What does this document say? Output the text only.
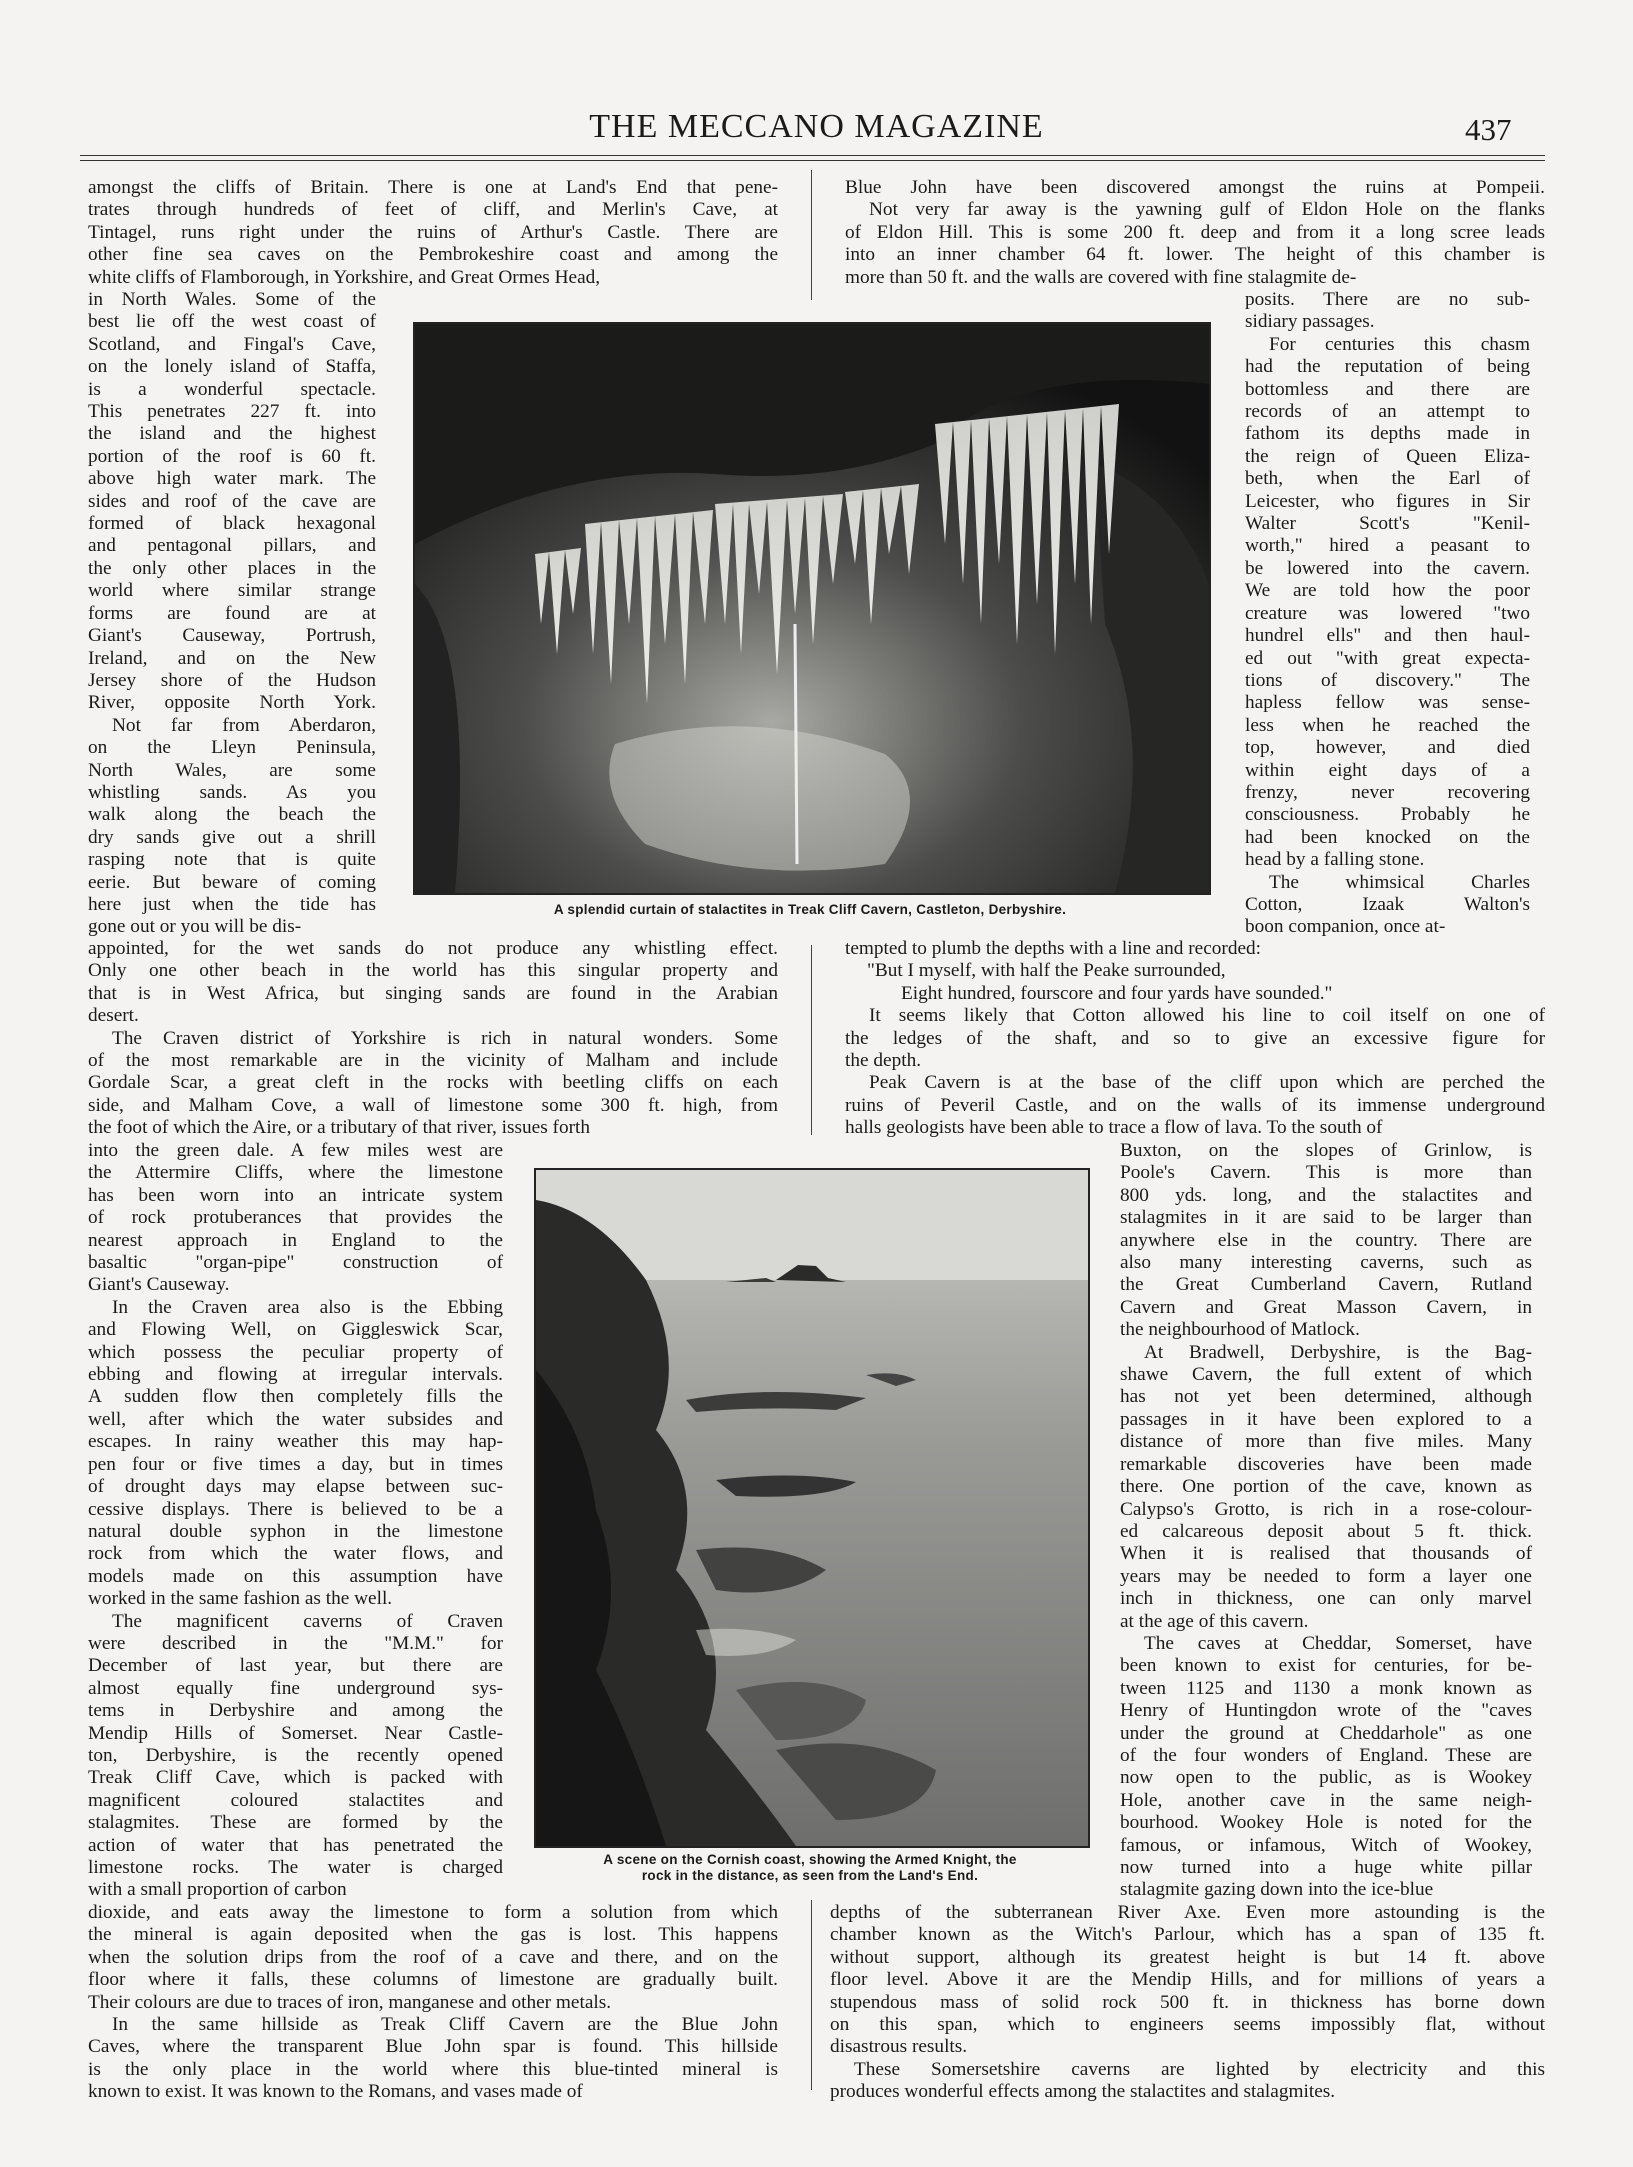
THE MECCANO MAGAZINE	437
amongst the cliffs of Britain. There is one at Land's End that pene-
trates through hundreds of feet of cliff, and Merlin's Cave, at
Tintagel, runs right under the ruins of Arthur's Castle. There are
other fine sea caves on the Pembrokeshire coast and among the
white cliffs of Flamborough, in Yorkshire, and Great Ormes Head,
in North Wales. Some of the
best lie off the west coast of
Scotland, and Fingal's Cave,
on the lonely island of Staffa,
is a wonderful spectacle.
This penetrates 227 ft. into
the island and the highest
portion of the roof is 60 ft.
above high water mark. The
sides and roof of the cave are
formed of black hexagonal
and pentagonal pillars, and
the only other places in the
world where similar strange
forms are found are at
Giant's Causeway, Portrush,
Ireland, and on the New
Jersey shore of the Hudson
River, opposite North York.
Not far from Aberdaron,
on the Lleyn Peninsula,
North Wales, are some
whistling sands. As you
walk along the beach the
dry sands give out a shrill
rasping note that is quite
eerie. But beware of coming
here just when the tide has
gone out or you will be dis-
appointed, for the wet sands do not produce any whistling effect.
Only one other beach in the world has this singular property and
that is in West Africa, but singing sands are found in the Arabian
desert.
The Craven district of Yorkshire is rich in natural wonders. Some
of the most remarkable are in the vicinity of Malham and include
Gordale Scar, a great cleft in the rocks with beetling cliffs on each
side, and Malham Cove, a wall of limestone some 300 ft. high, from
the foot of which the Aire, or a tributary of that river, issues forth
into the green dale. A few miles west are
the Attermire Cliffs, where the limestone
has been worn into an intricate system
of rock protuberances that provides the
nearest approach in England to the
basaltic "organ-pipe" construction of
Giant's Causeway.
In the Craven area also is the Ebbing
and Flowing Well, on Giggleswick Scar,
which possess the peculiar property of
ebbing and flowing at irregular intervals.
A sudden flow then completely fills the
well, after which the water subsides and
escapes. In rainy weather this may hap-
pen four or five times a day, but in times
of drought days may elapse between suc-
cessive displays. There is believed to be a
natural double syphon in the limestone
rock from which the water flows, and
models made on this assumption have
worked in the same fashion as the well.
The magnificent caverns of Craven
were described in the "M.M." for
December of last year, but there are
almost equally fine underground sys-
tems in Derbyshire and among the
Mendip Hills of Somerset. Near Castle-
ton, Derbyshire, is the recently opened
Treak Cliff Cave, which is packed with
magnificent coloured stalactites and
stalagmites. These are formed by the
action of water that has penetrated the
limestone rocks. The water is charged
with a small proportion of carbon
dioxide, and eats away the limestone to form a solution from which
the mineral is again deposited when the gas is lost. This happens
when the solution drips from the roof of a cave and there, and on the
floor where it falls, these columns of limestone are gradually built.
Their colours are due to traces of iron, manganese and other metals.
In the same hillside as Treak Cliff Cavern are the Blue John
Caves, where the transparent Blue John spar is found. This hillside
is the only place in the world where this blue-tinted mineral is
known to exist. It was known to the Romans, and vases made of
Blue John have been discovered amongst the ruins at Pompeii.
Not very far away is the yawning gulf of Eldon Hole on the flanks
of Eldon Hill. This is some 200 ft. deep and from it a long scree leads
into an inner chamber 64 ft. lower. The height of this chamber is
more than 50 ft. and the walls are covered with fine stalagmite de-
posits. There are no sub-
sidiary passages.
For centuries this chasm
had the reputation of being
bottomless and there are
records of an attempt to
fathom its depths made in
the reign of Queen Eliza-
beth, when the Earl of
Leicester, who figures in Sir
Walter Scott's "Kenil-
worth," hired a peasant to
be lowered into the cavern.
We are told how the poor
creature was lowered "two
hundrel ells" and then haul-
ed out "with great expecta-
tions of discovery." The
hapless fellow was sense-
less when he reached the
top, however, and died
within eight days of a
frenzy, never recovering
consciousness. Probably he
had been knocked on the
head by a falling stone.
The whimsical Charles
Cotton, Izaak Walton's
boon companion, once at-
tempted to plumb the depths with a line and recorded:
"But I myself, with half the Peake surrounded,
Eight hundred, fourscore and four yards have sounded."
It seems likely that Cotton allowed his line to coil itself on one of
the ledges of the shaft, and so to give an excessive figure for
the depth.
Peak Cavern is at the base of the cliff upon which are perched the
ruins of Peveril Castle, and on the walls of its immense underground
halls geologists have been able to trace a flow of lava. To the south of
Buxton, on the slopes of Grinlow, is
Poole's Cavern. This is more than
800 yds. long, and the stalactites and
stalagmites in it are said to be larger than
anywhere else in the country. There are
also many interesting caverns, such as
the Great Cumberland Cavern, Rutland
Cavern and Great Masson Cavern, in
the neighbourhood of Matlock.
At Bradwell, Derbyshire, is the Bag-
shawe Cavern, the full extent of which
has not yet been determined, although
passages in it have been explored to a
distance of more than five miles. Many
remarkable discoveries have been made
there. One portion of the cave, known as
Calypso's Grotto, is rich in a rose-colour-
ed calcareous deposit about 5 ft. thick.
When it is realised that thousands of
years may be needed to form a layer one
inch in thickness, one can only marvel
at the age of this cavern.
The caves at Cheddar, Somerset, have
been known to exist for centuries, for be-
tween 1125 and 1130 a monk known as
Henry of Huntingdon wrote of the "caves
under the ground at Cheddarhole" as one
of the four wonders of England. These are
now open to the public, as is Wookey
Hole, another cave in the same neigh-
bourhood. Wookey Hole is noted for the
famous, or infamous, Witch of Wookey,
now turned into a huge white pillar
stalagmite gazing down into the ice-blue
depths of the subterranean River Axe. Even more astounding is the
chamber known as the Witch's Parlour, which has a span of 135 ft.
without support, although its greatest height is but 14 ft. above
floor level. Above it are the Mendip Hills, and for millions of years a
stupendous mass of solid rock 500 ft. in thickness has borne down
on this span, which to engineers seems impossibly flat, without
disastrous results.
These Somersetshire caverns are lighted by electricity and this
produces wonderful effects among the stalactites and stalagmites.
A splendid curtain of stalactites in Treak Cliff Cavern, Castleton, Derbyshire.
A scene on the Cornish coast, showing the Armed Knight, the
rock in the distance, as seen from the Land's End.
